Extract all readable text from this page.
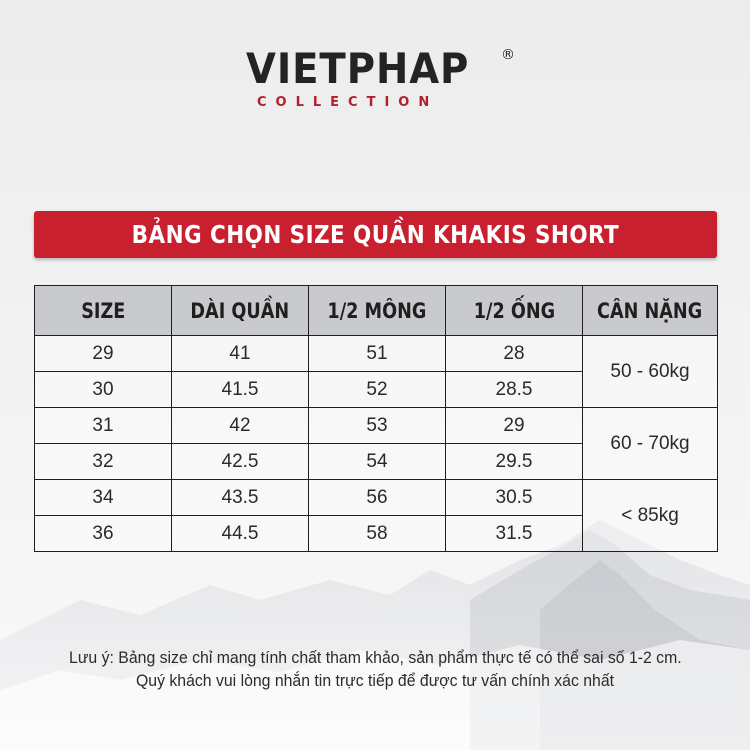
VIETPHAP ®
COLLECTION
BẢNG CHỌN SIZE QUẦN KHAKIS SHORT
SIZE	DÀI QUẦN	1/2 MÔNG	1/2 ỐNG	CÂN NẶNG
29	41	51	28	50 - 60kg
30	41.5	52	28.5	
31	42	53	29	60 - 70kg
32	42.5	54	29.5	
34	43.5	56	30.5	< 85kg
36	44.5	58	31.5	
Lưu ý: Bảng size chỉ mang tính chất tham khảo, sản phẩm thực tế có thể sai số 1-2 cm.
Quý khách vui lòng nhắn tin trực tiếp để được tư vấn chính xác nhất
